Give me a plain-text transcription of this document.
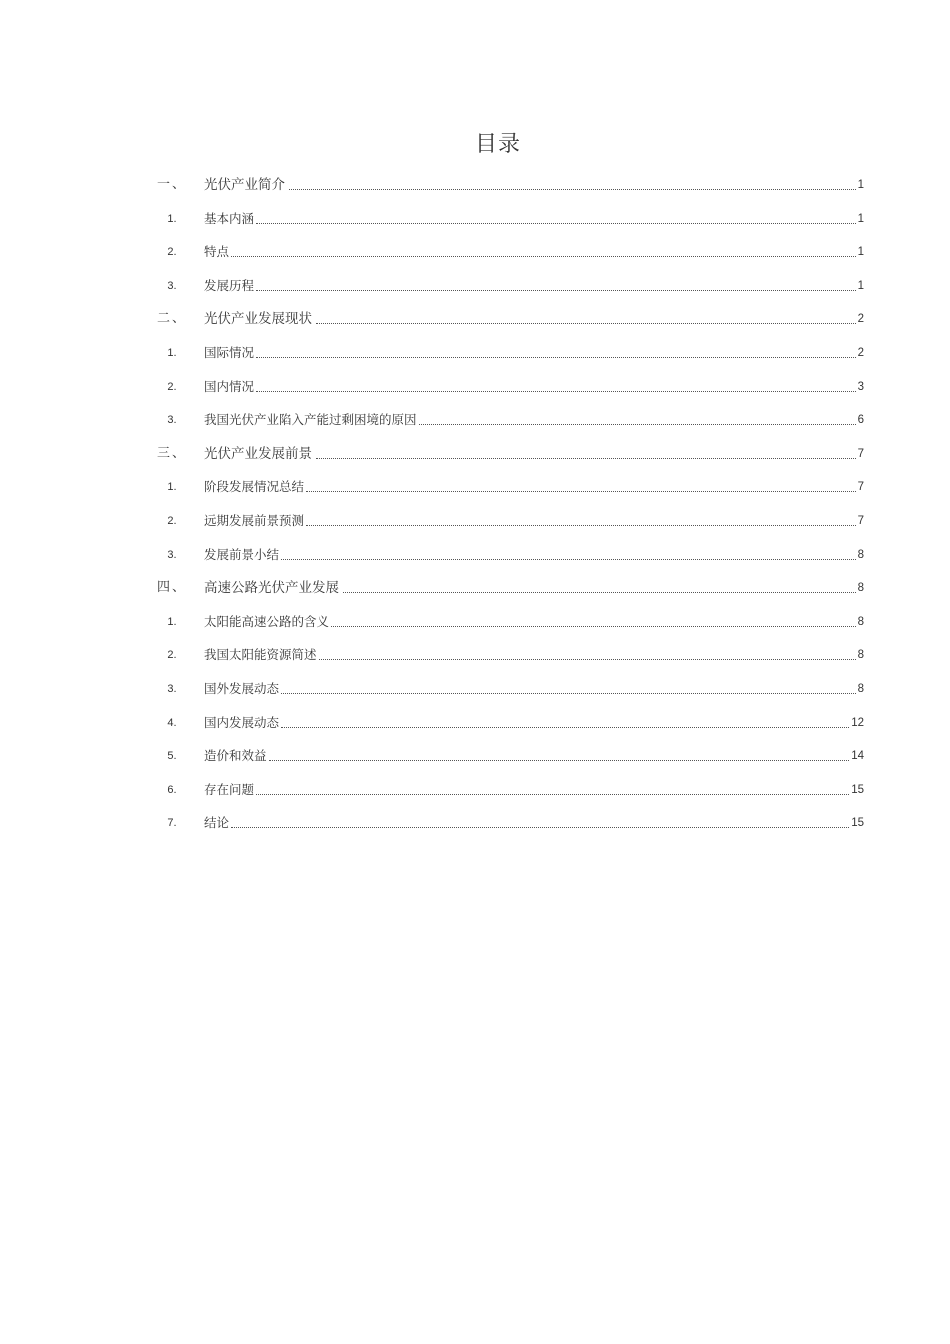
目录
一、	光伏产业简介	1
1.	基本内涵	1
2.	特点	1
3.	发展历程	1
二、	光伏产业发展现状	2
1.	国际情况	2
2.	国内情况	3
3.	我国光伏产业陷入产能过剩困境的原因	6
三、	光伏产业发展前景	7
1.	阶段发展情况总结	7
2.	远期发展前景预测	7
3.	发展前景小结	8
四、	高速公路光伏产业发展	8
1.	太阳能高速公路的含义	8
2.	我国太阳能资源简述	8
3.	国外发展动态	8
4.	国内发展动态	12
5.	造价和效益	14
6.	存在问题	15
7.	结论	15
